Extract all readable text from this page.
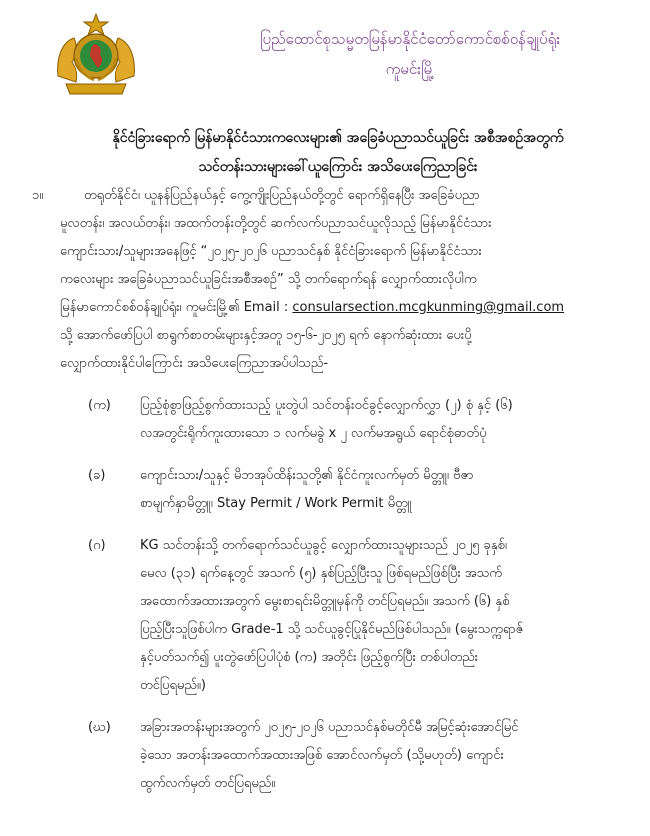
ပြည်ထောင်စုသမ္မတမြန်မာနိုင်ငံတော်ကောင်စစ်ဝန်ချုပ်ရုံး
ကူမင်းမြို့
နိုင်ငံခြားရောက် မြန်မာနိုင်ငံသားကလေးများ၏ အခြေခံပညာသင်ယူခြင်း အစီအစဉ်အတွက်
သင်တန်းသားများခေါ်ယူကြောင်း အသိပေးကြေညာခြင်း
၁။	တရုတ်နိုင်ငံ၊ ယူနန်ပြည်နယ်နှင့် ကွေ့ကျိုးပြည်နယ်တို့တွင် ရောက်ရှိနေပြီး အခြေခံပညာ
မူလတန်း၊ အလယ်တန်း၊ အထက်တန်းတို့တွင် ဆက်လက်ပညာသင်ယူလိုသည့် မြန်မာနိုင်ငံသား
ကျောင်းသား/သူများအနေဖြင့် “၂၀၂၅-၂၀၂၆ ပညာသင်နှစ် နိုင်ငံခြားရောက် မြန်မာနိုင်ငံသား
ကလေးများ အခြေခံပညာသင်ယူခြင်းအစီအစဉ်” သို့ တက်ရောက်ရန် လျှောက်ထားလိုပါက
မြန်မာကောင်စစ်ဝန်ချုပ်ရုံး၊ ကူမင်းမြို့၏ Email : consularsection.mcgkunming@gmail.com
သို့ အောက်ဖော်ပြပါ စာရွက်စာတမ်းများနှင့်အတူ ၁၅-၆-၂၀၂၅ ရက် နောက်ဆုံးထား ပေးပို့
လျှောက်ထားနိုင်ပါကြောင်း အသိပေးကြေညာအပ်ပါသည်-
(က) ပြည့်စုံစွာဖြည့်စွက်ထားသည့် ပူးတွဲပါ သင်တန်းဝင်ခွင့်လျှောက်လွှာ (၂) စုံ နှင့် (၆)
လအတွင်းရိုက်ကူးထားသော ၁ လက်မခွဲ x ၂ လက်မအရွယ် ရောင်စုံဓာတ်ပုံ
(ခ)	ကျောင်းသား/သူနှင့် မိဘအုပ်ထိန်းသူတို့၏ နိုင်ငံကူးလက်မှတ် မိတ္တူ၊ ဗီဇာ
စာမျက်နှာမိတ္တူ၊ Stay Permit / Work Permit မိတ္တူ
(ဂ)	KG သင်တန်းသို့ တက်ရောက်သင်ယူခွင့် လျှောက်ထားသူများသည် ၂၀၂၅ ခုနှစ်၊
မေလ (၃၁) ရက်နေ့တွင် အသက် (၅) နှစ်ပြည့်ပြီးသူ ဖြစ်ရမည်ဖြစ်ပြီး အသက်
အထောက်အထားအတွက် မွေးစာရင်းမိတ္တူမှန်ကို တင်ပြရမည်။ အသက် (၆) နှစ်
ပြည့်ပြီးသူဖြစ်ပါက Grade-1 သို့ သင်ယူခွင့်ပြုနိုင်မည်ဖြစ်ပါသည်။ (မွေးသက္ကရာဇ်
နှင့်ပတ်သက်၍ ပူးတွဲဖော်ပြပါပုံစံ (က) အတိုင်း ဖြည့်စွက်ပြီး တစ်ပါတည်း
တင်ပြရမည်။)
(ဃ) အခြားအတန်းများအတွက် ၂၀၂၅-၂၀၂၆ ပညာသင်နှစ်မတိုင်မီ အမြင့်ဆုံးအောင်မြင်
ခဲ့သော အတန်းအထောက်အထားအဖြစ် အောင်လက်မှတ် (သို့မဟုတ်) ကျောင်း
ထွက်လက်မှတ် တင်ပြရမည်။
